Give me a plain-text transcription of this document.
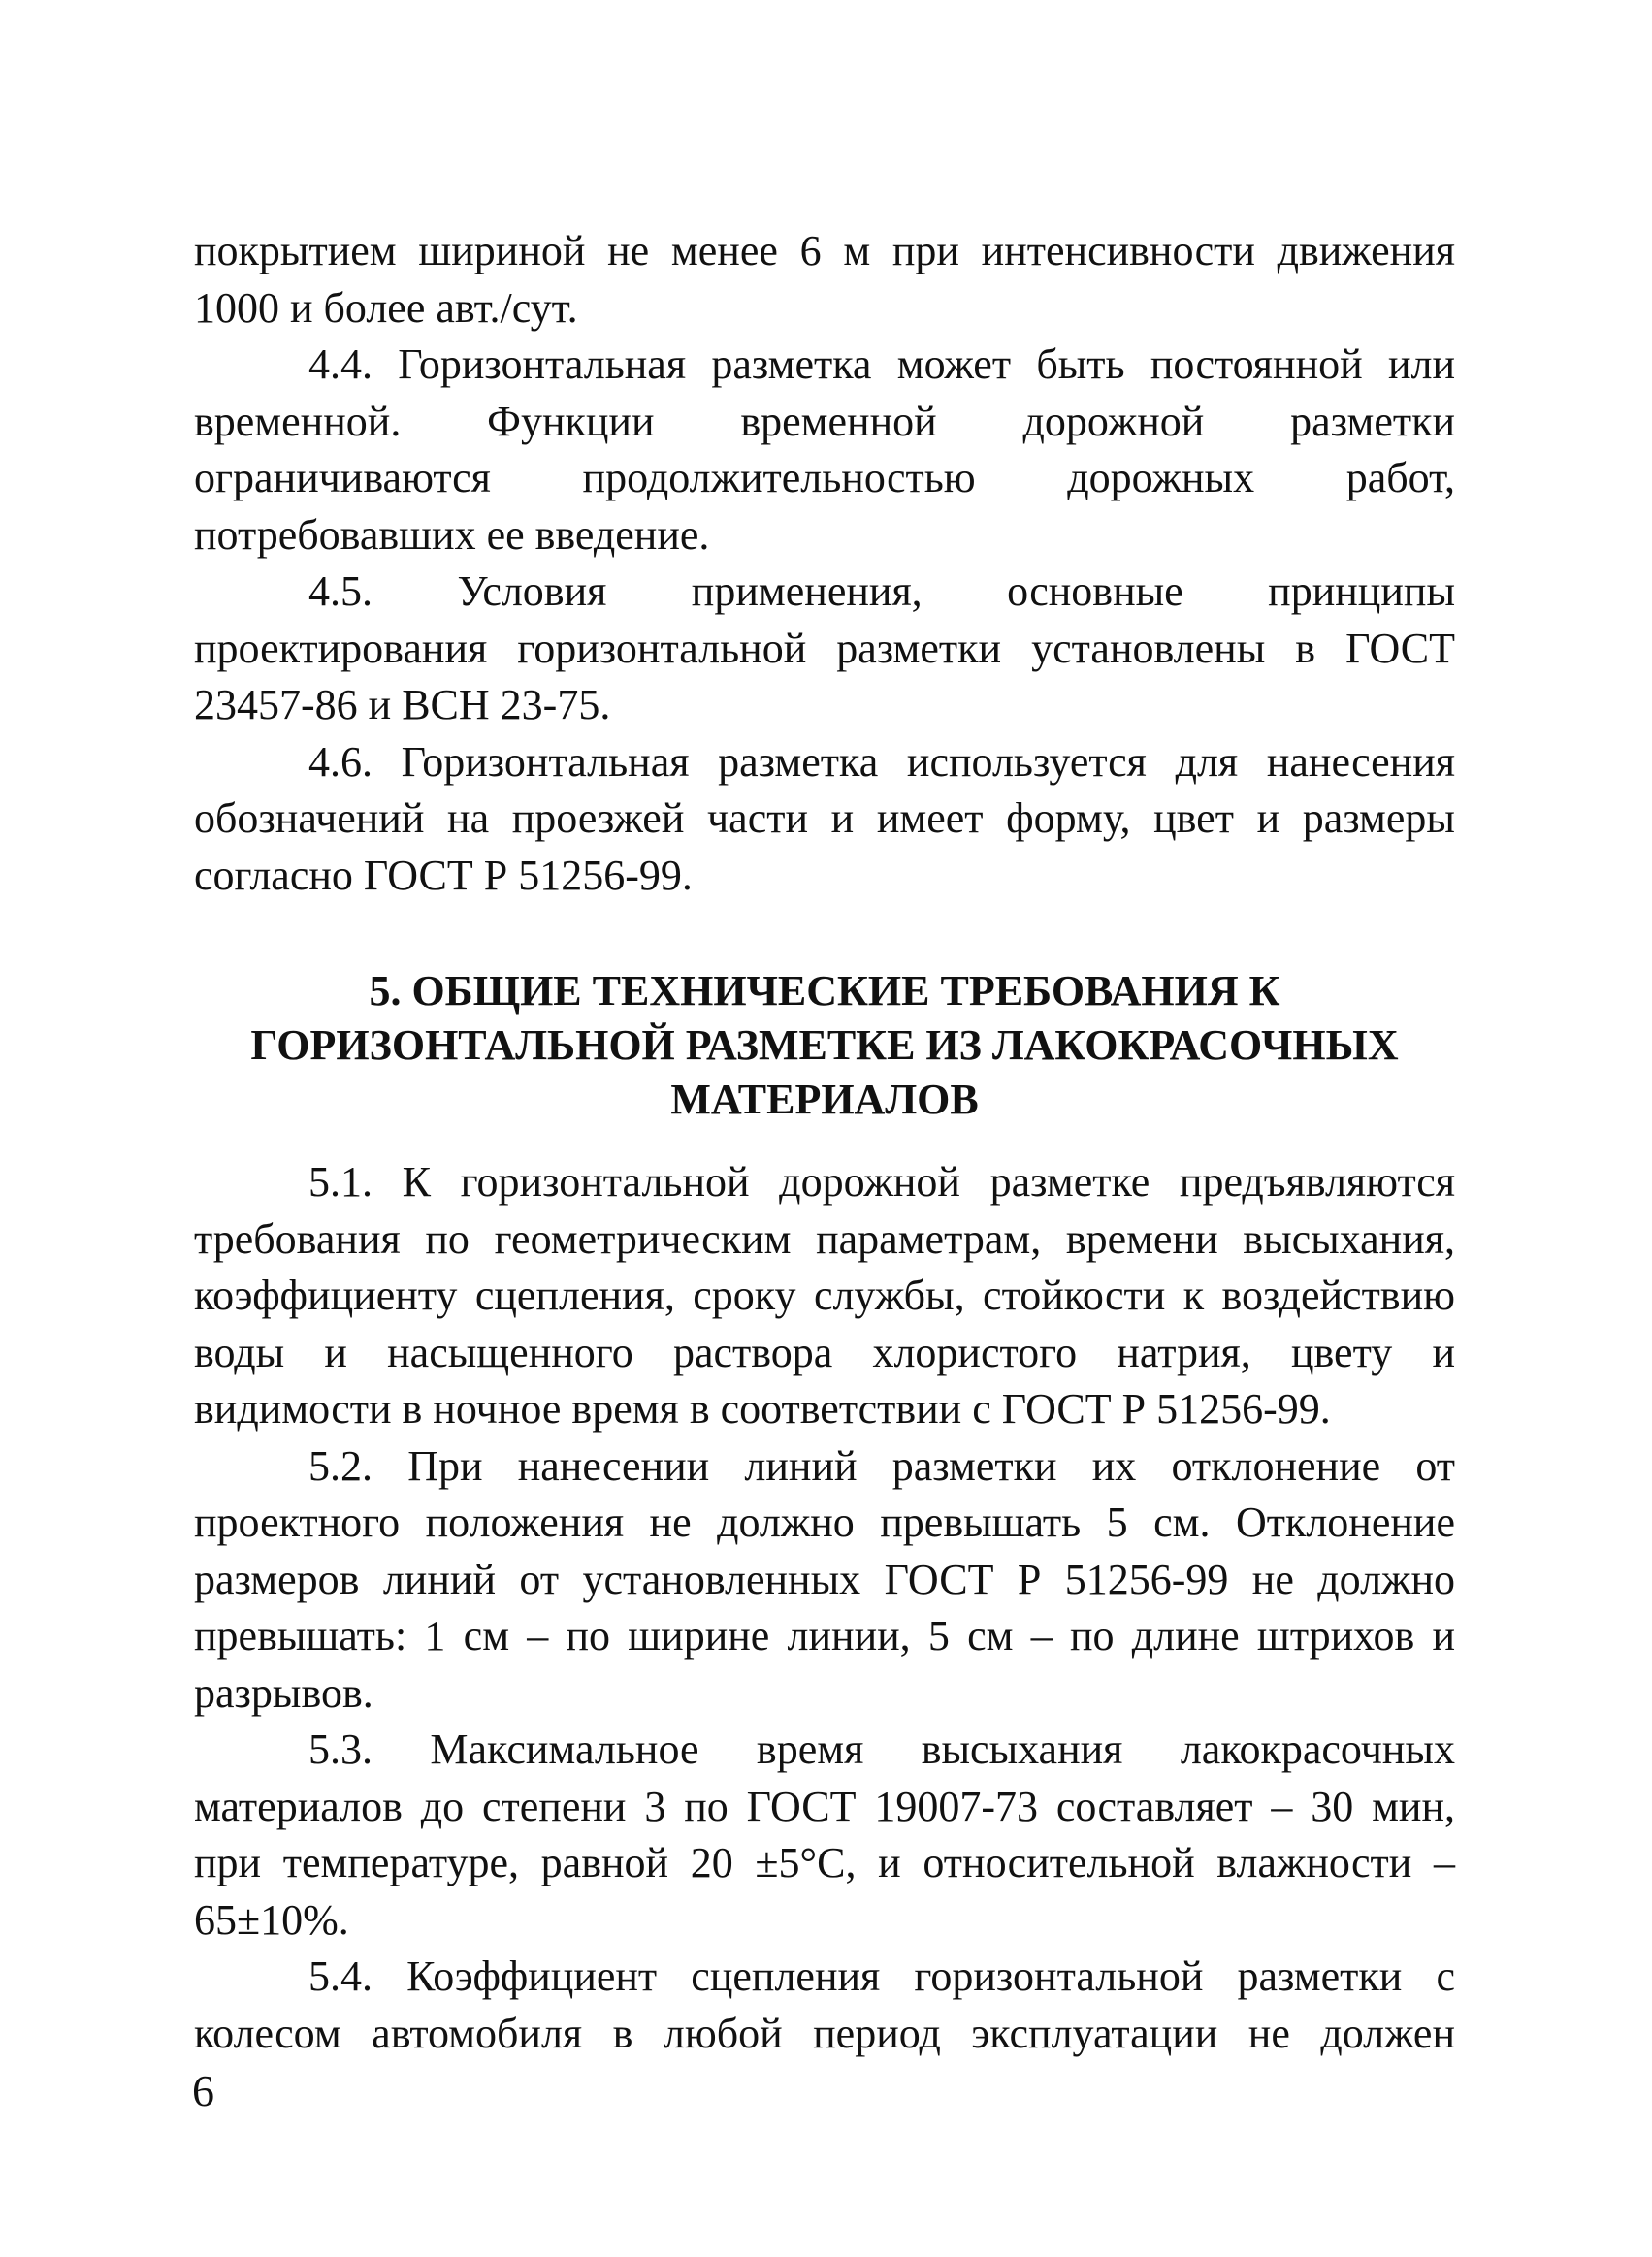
покрытием шириной не менее 6 м при интенсивности движения 1000 и более авт./сут.

4.4. Горизонтальная разметка может быть постоянной или временной. Функции временной дорожной разметки ограничиваются продолжительностью дорожных работ, потребовавших ее введение.

4.5. Условия применения, основные принципы проектирования горизонтальной разметки установлены в ГОСТ 23457-86 и ВСН 23-75.

4.6. Горизонтальная разметка используется для нанесения обозначений на проезжей части и имеет форму, цвет и размеры согласно ГОСТ Р 51256-99.

5. ОБЩИЕ ТЕХНИЧЕСКИЕ ТРЕБОВАНИЯ К
ГОРИЗОНТАЛЬНОЙ РАЗМЕТКЕ ИЗ ЛАКОКРАСОЧНЫХ
МАТЕРИАЛОВ

5.1. К горизонтальной дорожной разметке предъявляются требования по геометрическим параметрам, времени высыхания, коэффициенту сцепления, сроку службы, стойкости к воздействию воды и насыщенного раствора хлористого натрия, цвету и видимости в ночное время в соответствии с ГОСТ Р 51256-99.

5.2. При нанесении линий разметки их отклонение от проектного положения не должно превышать 5 см. Отклонение размеров линий от установленных ГОСТ Р 51256-99 не должно превышать: 1 см – по ширине линии, 5 см – по длине штрихов и разрывов.

5.3. Максимальное время высыхания лакокрасочных материалов до степени 3 по ГОСТ 19007-73 составляет – 30 мин, при температуре, равной 20 ±5°С, и относительной влажности – 65±10%.

5.4. Коэффициент сцепления горизонтальной разметки с колесом автомобиля в любой период эксплуатации не должен

6
